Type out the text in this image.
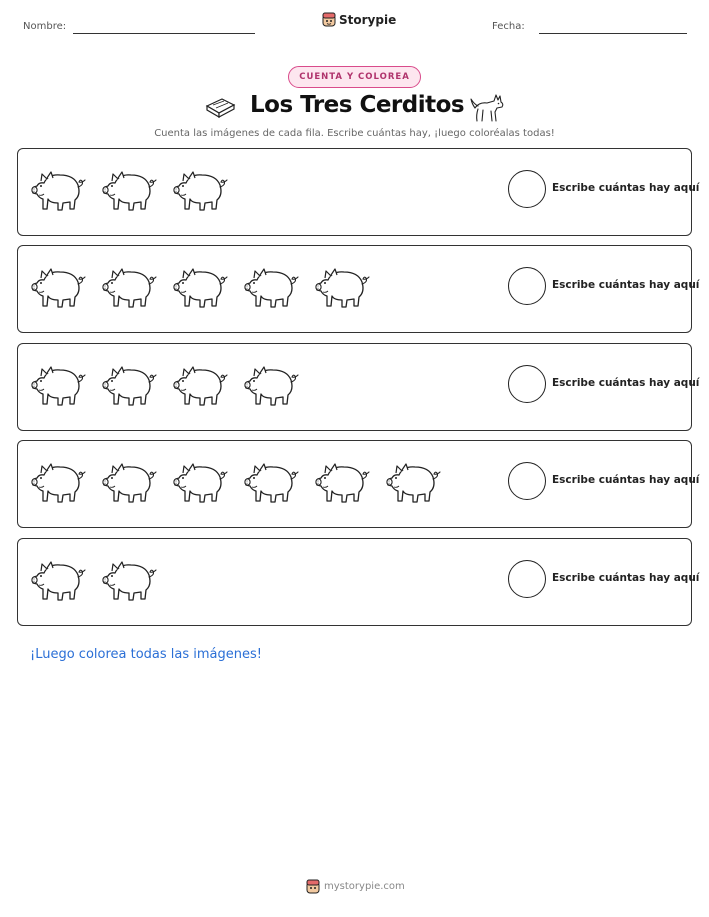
Nombre:	Storypie	Fecha:
CUENTA Y COLOREA
Los Tres Cerditos
Cuenta las imágenes de cada fila. Escribe cuántas hay, ¡luego coloréalas todas!
Escribe cuántas hay aquí
Escribe cuántas hay aquí
Escribe cuántas hay aquí
Escribe cuántas hay aquí
Escribe cuántas hay aquí
¡Luego colorea todas las imágenes!
mystorypie.com
